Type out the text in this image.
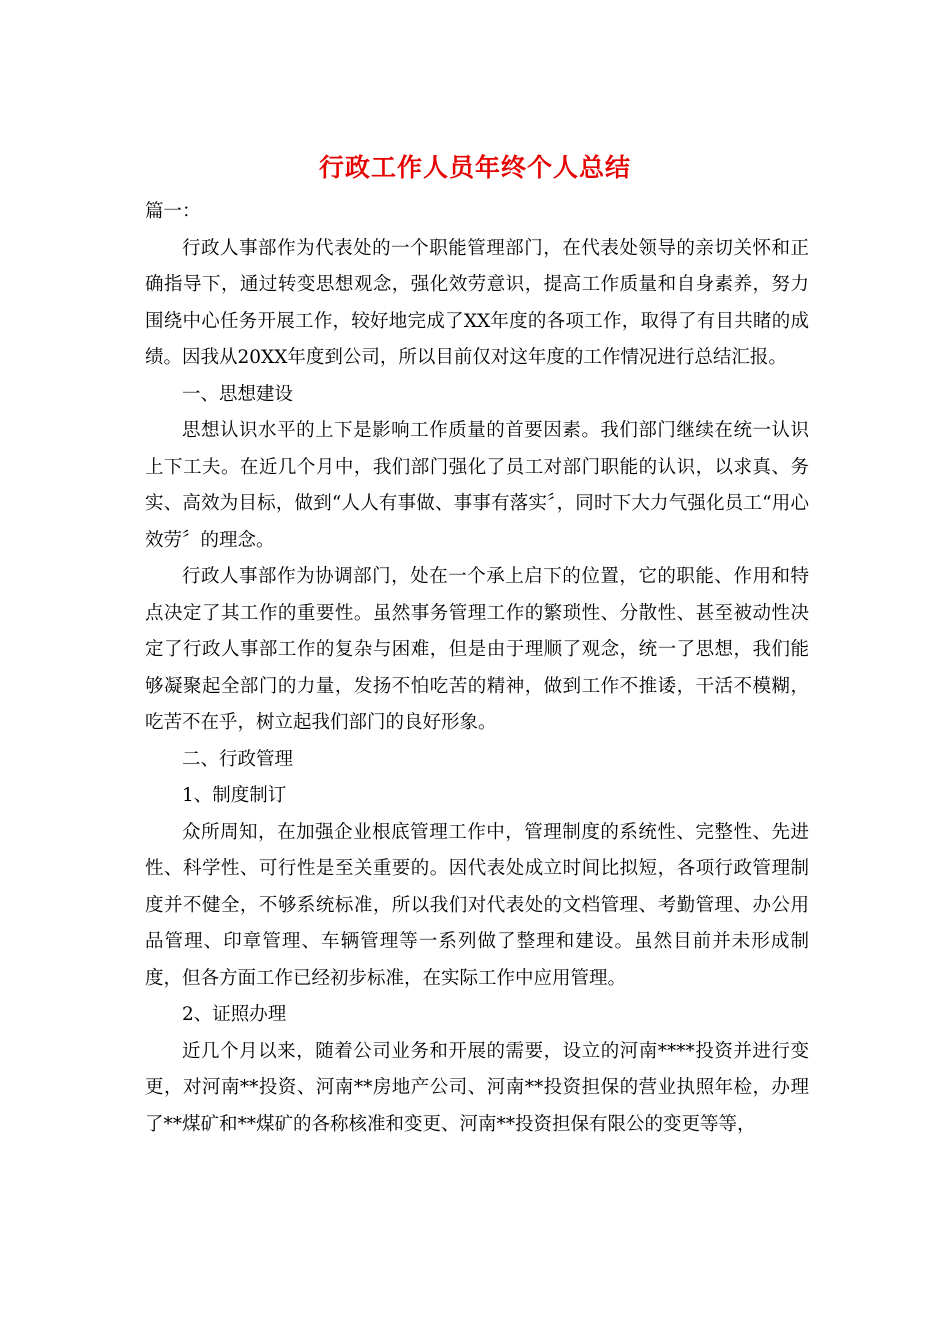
行政工作人员年终个人总结

篇一：

行政人事部作为代表处的一个职能管理部门，在代表处领导的亲切关怀和正确指导下，通过转变思想观念，强化效劳意识，提高工作质量和自身素养，努力围绕中心任务开展工作，较好地完成了XX年度的各项工作，取得了有目共睹的成绩。因我从20XX年度到公司，所以目前仅对这年度的工作情况进行总结汇报。

一、思想建设

思想认识水平的上下是影响工作质量的首要因素。我们部门继续在统一认识上下工夫。在近几个月中，我们部门强化了员工对部门职能的认识，以求真、务实、高效为目标，做到“人人有事做、事事有落实〞，同时下大力气强化员工“用心效劳〞的理念。

行政人事部作为协调部门，处在一个承上启下的位置，它的职能、作用和特点决定了其工作的重要性。虽然事务管理工作的繁琐性、分散性、甚至被动性决定了行政人事部工作的复杂与困难，但是由于理顺了观念，统一了思想，我们能够凝聚起全部门的力量，发扬不怕吃苦的精神，做到工作不推诿，干活不模糊，吃苦不在乎，树立起我们部门的良好形象。

二、行政管理

1、制度制订

众所周知，在加强企业根底管理工作中，管理制度的系统性、完整性、先进性、科学性、可行性是至关重要的。因代表处成立时间比拟短，各项行政管理制度并不健全，不够系统标准，所以我们对代表处的文档管理、考勤管理、办公用品管理、印章管理、车辆管理等一系列做了整理和建设。虽然目前并未形成制度，但各方面工作已经初步标准，在实际工作中应用管理。

2、证照办理

近几个月以来，随着公司业务和开展的需要，设立的河南****投资并进行变更，对河南**投资、河南**房地产公司、河南**投资担保的营业执照年检，办理了**煤矿和**煤矿的各称核准和变更、河南**投资担保有限公的变更等等，
